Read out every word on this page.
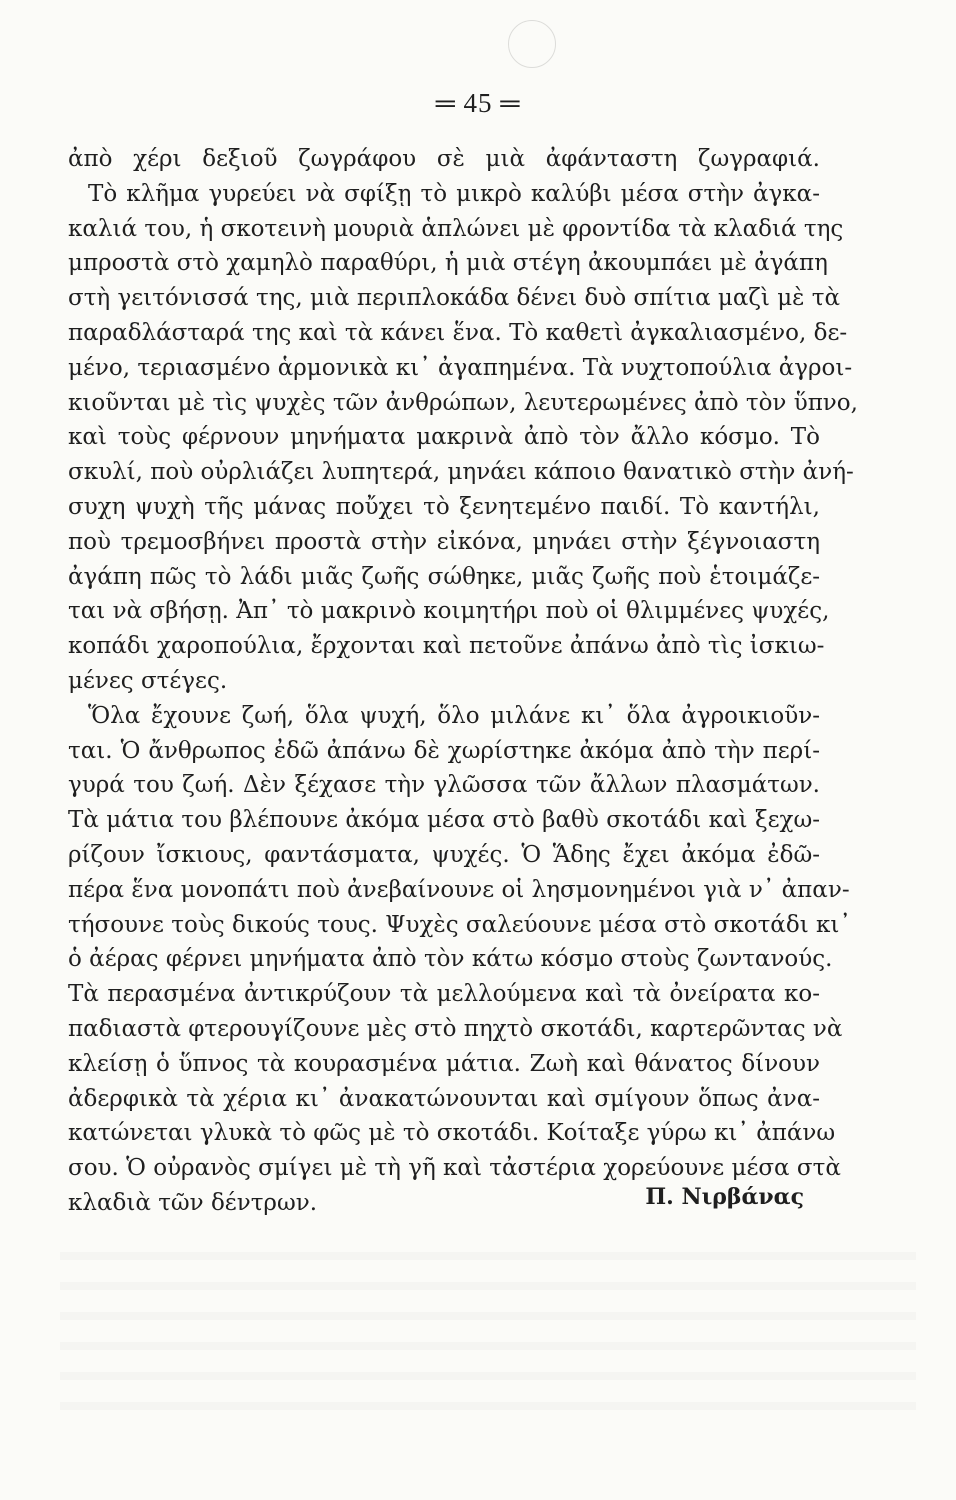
═ 45 ═
ἀπὸ χέρι δεξιοῦ ζωγράφου σὲ μιὰ ἀφάνταστη ζωγραφιά.
Τὸ κλῆμα γυρεύει νὰ σφίξῃ τὸ μικρὸ καλύβι μέσα στὴν ἀγκα-
καλιά του, ἡ σκοτεινὴ μουριὰ ἁπλώνει μὲ φροντίδα τὰ κλαδιά της
μπροστὰ στὸ χαμηλὸ παραθύρι, ἡ μιὰ στέγη ἀκουμπάει μὲ ἀγάπη
στὴ γειτόνισσά της, μιὰ περιπλοκάδα δένει δυὸ σπίτια μαζὶ μὲ τὰ
παραδλάσταρά της καὶ τὰ κάνει ἕνα. Τὸ καθετὶ ἀγκαλιασμένο, δε-
μένο, τεριασμένο ἁρμονικὰ κι᾽ ἀγαπημένα. Τὰ νυχτοπούλια ἀγροι-
κιοῦνται μὲ τὶς ψυχὲς τῶν ἀνθρώπων, λευτερωμένες ἀπὸ τὸν ὕπνο,
καὶ τοὺς φέρνουν μηνήματα μακρινὰ ἀπὸ τὸν ἄλλο κόσμο. Τὸ
σκυλί, ποὺ οὐρλιάζει λυπητερά, μηνάει κάποιο θανατικὸ στὴν ἀνή-
συχη ψυχὴ τῆς μάνας ποὔχει τὸ ξενητεμένο παιδί. Τὸ καντήλι,
ποὺ τρεμοσβήνει προστὰ στὴν εἰκόνα, μηνάει στὴν ξέγνοιαστη
ἀγάπη πῶς τὸ λάδι μιᾶς ζωῆς σώθηκε, μιᾶς ζωῆς ποὺ ἑτοιμάζε-
ται νὰ σβήσῃ. Ἀπ᾽ τὸ μακρινὸ κοιμητήρι ποὺ οἱ θλιμμένες ψυχές,
κοπάδι χαροπούλια, ἔρχονται καὶ πετοῦνε ἀπάνω ἀπὸ τὶς ἰσκιω-
μένες στέγες.
Ὅλα ἔχουνε ζωή, ὅλα ψυχή, ὅλο μιλάνε κι᾽ ὅλα ἀγροικιοῦν-
ται. Ὁ ἄνθρωπος ἐδῶ ἀπάνω δὲ χωρίστηκε ἀκόμα ἀπὸ τὴν περί-
γυρά του ζωή. Δὲν ξέχασε τὴν γλῶσσα τῶν ἄλλων πλασμάτων.
Τὰ μάτια του βλέπουνε ἀκόμα μέσα στὸ βαθὺ σκοτάδι καὶ ξεχω-
ρίζουν ἴσκιους, φαντάσματα, ψυχές. Ὁ Ἅδης ἔχει ἀκόμα ἐδῶ-
πέρα ἕνα μονοπάτι ποὺ ἀνεβαίνουνε οἱ λησμονημένοι γιὰ ν᾽ ἀπαν-
τήσουνε τοὺς δικούς τους. Ψυχὲς σαλεύουνε μέσα στὸ σκοτάδι κι᾽
ὁ ἀέρας φέρνει μηνήματα ἀπὸ τὸν κάτω κόσμο στοὺς ζωντανούς.
Τὰ περασμένα ἀντικρύζουν τὰ μελλούμενα καὶ τὰ ὀνείρατα κο-
παδιαστὰ φτερουγίζουνε μὲς στὸ πηχτὸ σκοτάδι, καρτερῶντας νὰ
κλείσῃ ὁ ὕπνος τὰ κουρασμένα μάτια. Ζωὴ καὶ θάνατος δίνουν
ἀδερφικὰ τὰ χέρια κι᾽ ἀνακατώνουνται καὶ σμίγουν ὅπως ἀνα-
κατώνεται γλυκὰ τὸ φῶς μὲ τὸ σκοτάδι. Κοίταξε γύρω κι᾽ ἀπάνω
σου. Ὁ οὐρανὸς σμίγει μὲ τὴ γῆ καὶ τἀστέρια χορεύουνε μέσα στὰ
κλαδιὰ τῶν δέντρων.	Π. Νιρβάνας
